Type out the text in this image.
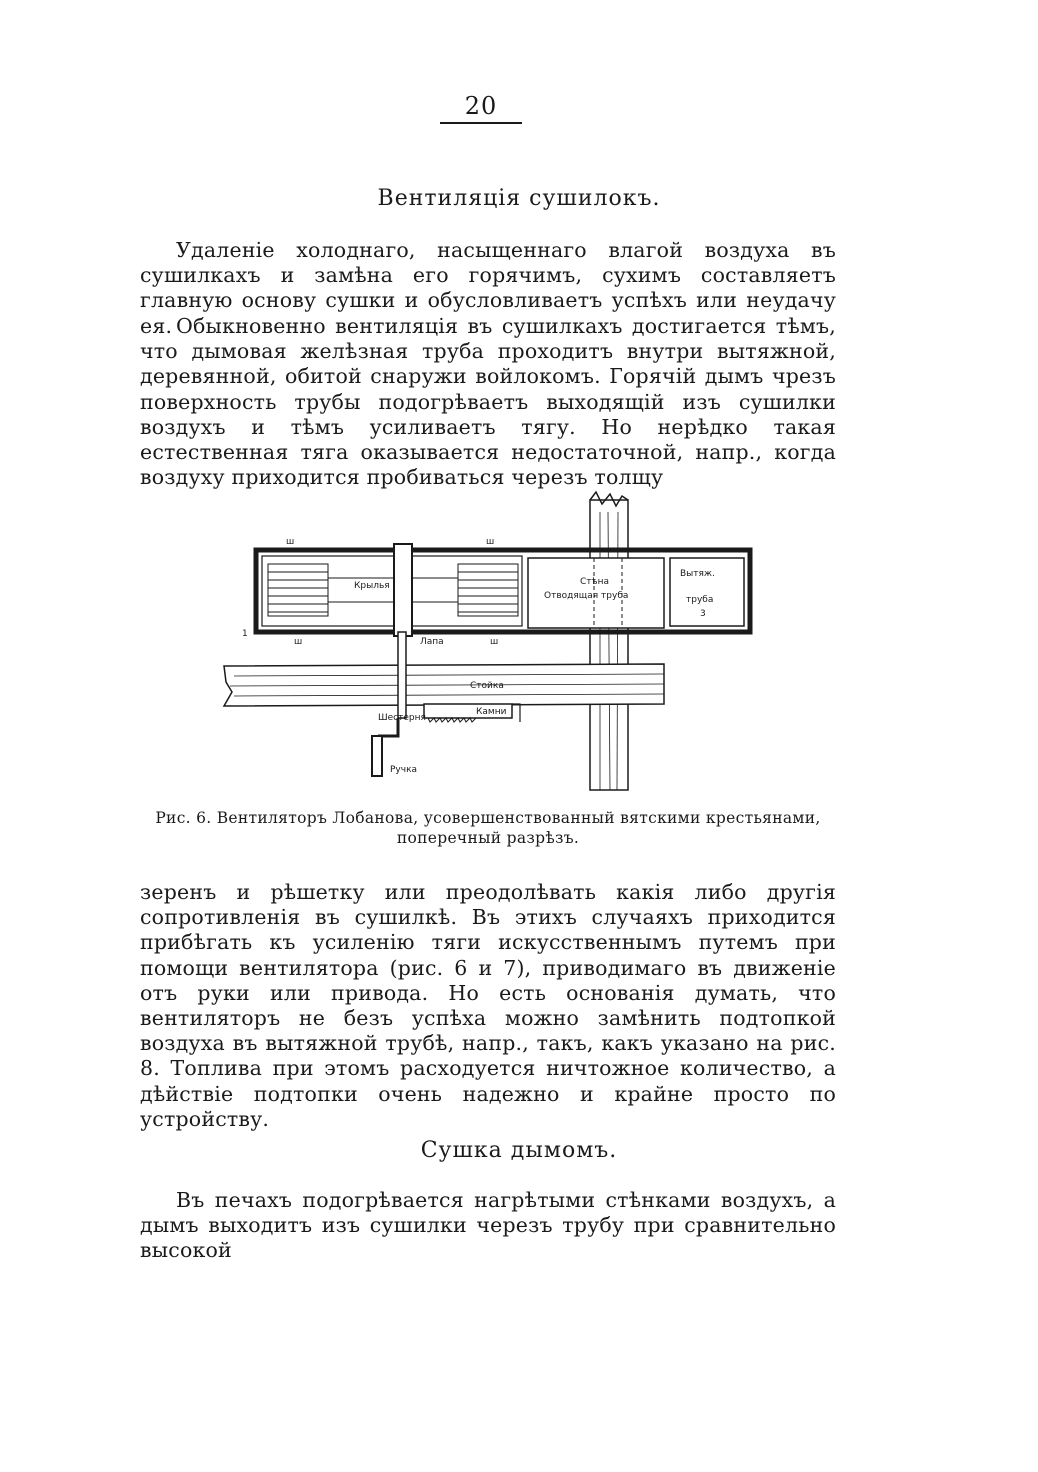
20
Вентиляція сушилокъ.

Удаленіе холоднаго, насыщеннаго влагой воздуха въ сушилкахъ и замѣна его горячимъ, сухимъ составляетъ главную основу сушки и обусловливаетъ успѣхъ или неудачу ея. Обыкновенно вентиляція въ сушилкахъ достигается тѣмъ, что дымовая желѣзная труба проходитъ внутри вытяжной, деревянной, обитой снаружи войлокомъ. Горячій дымъ чрезъ поверхность трубы подогрѣваетъ выходящій изъ сушилки воздухъ и тѣмъ усиливаетъ тягу. Но нерѣдко такая естественная тяга оказывается недостаточной, напр., когда воздуху приходится пробиваться черезъ толщу

Крылья	Стѣна
Отводящая труба
Вытяж.
труба
3
Лапа
Стойка
Шестерня
Камни
Ручка
ш	ш
ш	ш
1
Рис. 6. Вентиляторъ Лобанова, усовершенствованный вятскими крестьянами,
поперечный разрѣзъ.

зеренъ и рѣшетку или преодолѣвать какія либо другія сопротивленія въ сушилкѣ. Въ этихъ случаяхъ приходится прибѣгать къ усиленію тяги искусственнымъ путемъ при помощи вентилятора (рис. 6 и 7), приводимаго въ движеніе отъ руки или привода. Но есть основанія думать, что вентиляторъ не безъ успѣха можно замѣнить подтопкой воздуха въ вытяжной трубѣ, напр., такъ, какъ указано на рис. 8. Топлива при этомъ расходуется ничтожное количество, а дѣйствіе подтопки очень надежно и крайне просто по устройству.

Сушка дымомъ.

Въ печахъ подогрѣвается нагрѣтыми стѣнками воздухъ, а дымъ выходитъ изъ сушилки черезъ трубу при сравнительно высокой
